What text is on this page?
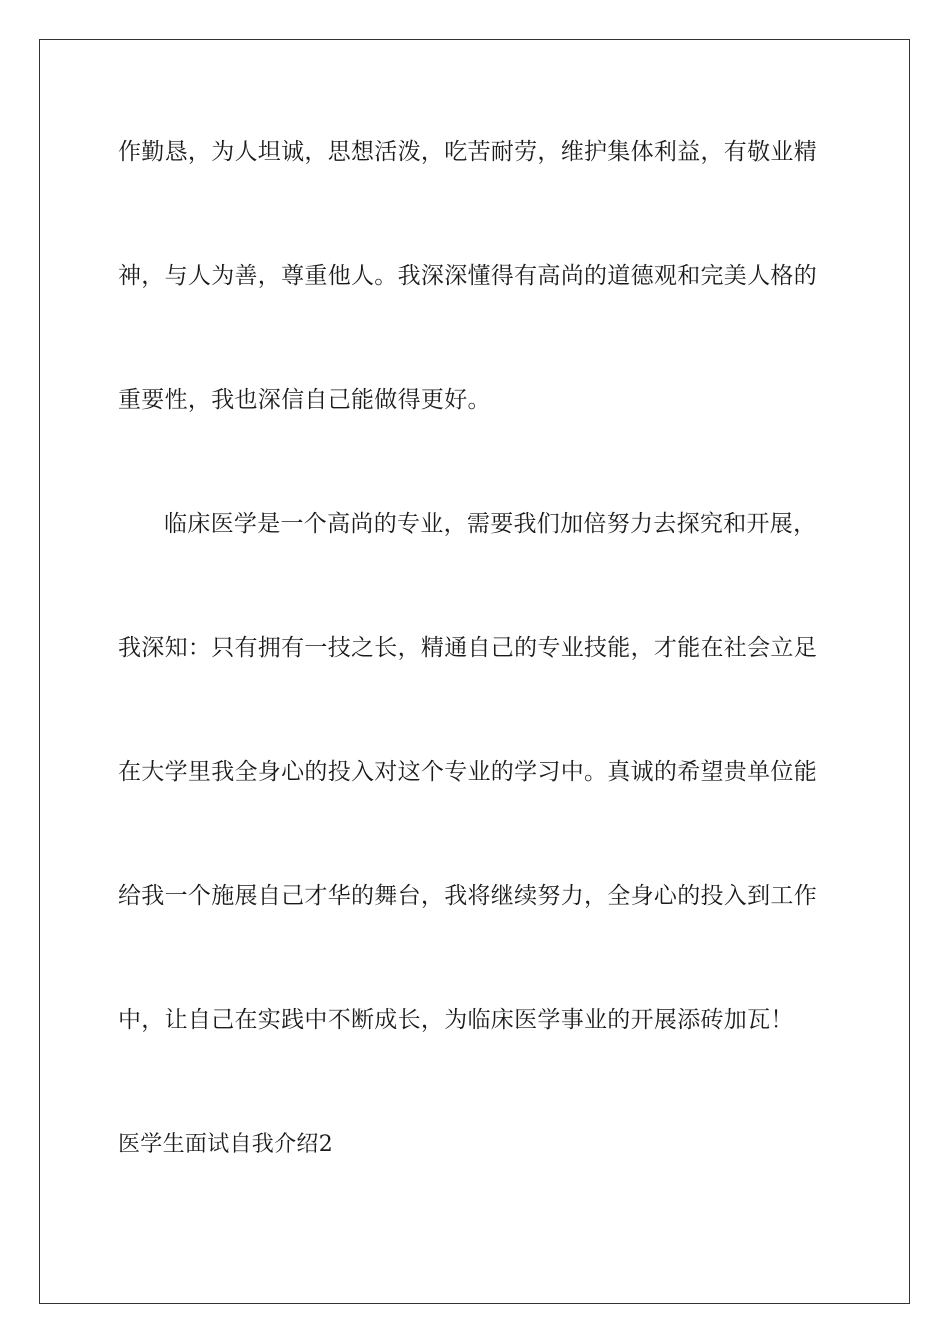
作勤恳，为人坦诚，思想活泼，吃苦耐劳，维护集体利益，有敬业精
神，与人为善，尊重他人。我深深懂得有高尚的道德观和完美人格的
重要性，我也深信自己能做得更好。
临床医学是一个高尚的专业，需要我们加倍努力去探究和开展，
我深知：只有拥有一技之长，精通自己的专业技能，才能在社会立足
在大学里我全身心的投入对这个专业的学习中。真诚的希望贵单位能
给我一个施展自己才华的舞台，我将继续努力，全身心的投入到工作
中，让自己在实践中不断成长，为临床医学事业的开展添砖加瓦！
医学生面试自我介绍2
